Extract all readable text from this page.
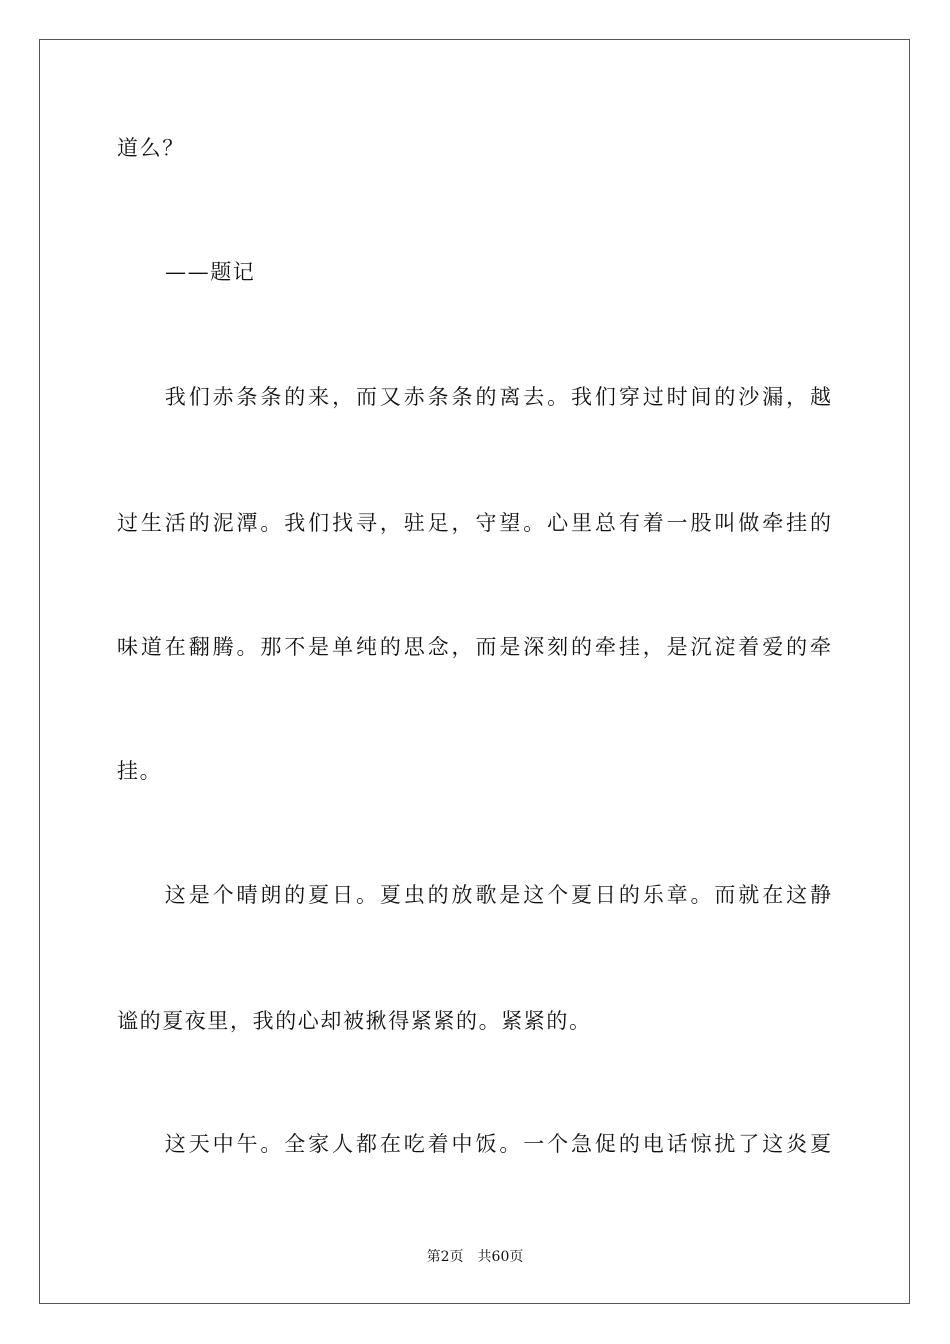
道么？
——题记
　　我们赤条条的来，而又赤条条的离去。我们穿过时间的沙漏，越
过生活的泥潭。我们找寻，驻足，守望。心里总有着一股叫做牵挂的
味道在翻腾。那不是单纯的思念，而是深刻的牵挂，是沉淀着爱的牵
挂。
　　这是个晴朗的夏日。夏虫的放歌是这个夏日的乐章。而就在这静
谧的夏夜里，我的心却被揪得紧紧的。紧紧的。
　　这天中午。全家人都在吃着中饭。一个急促的电话惊扰了这炎夏
第2页　共60页
